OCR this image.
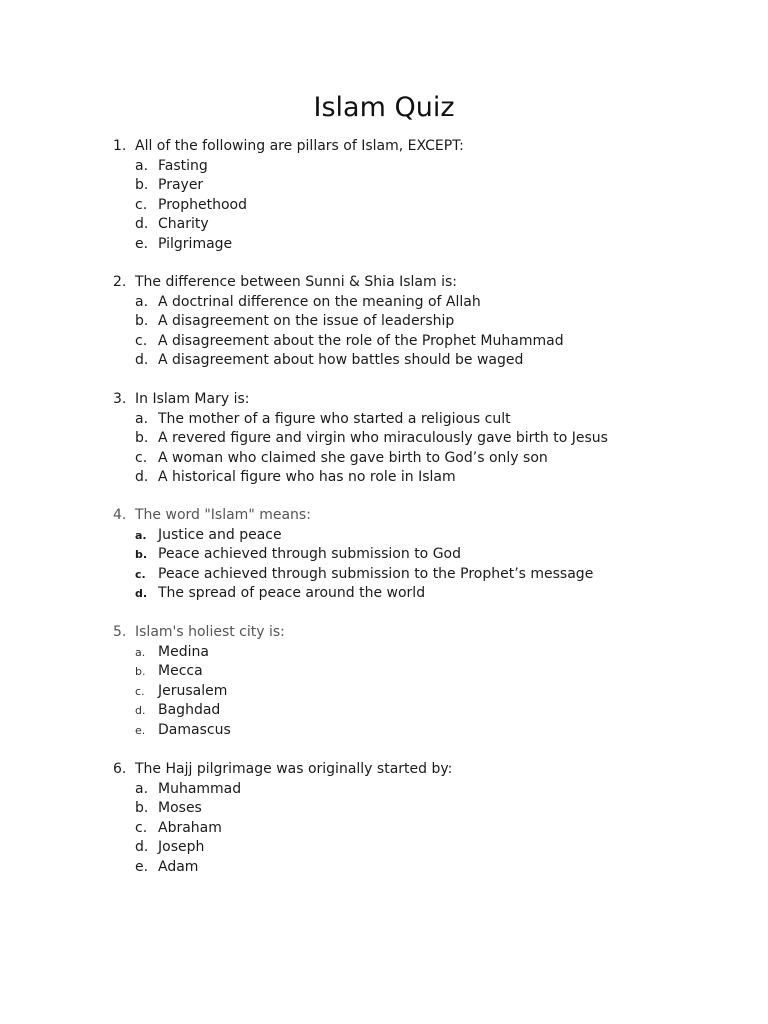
Islam Quiz
1. All of the following are pillars of Islam, EXCEPT:
a. Fasting
b. Prayer
c. Prophethood
d. Charity
e. Pilgrimage
2. The difference between Sunni & Shia Islam is:
a. A doctrinal difference on the meaning of Allah
b. A disagreement on the issue of leadership
c. A disagreement about the role of the Prophet Muhammad
d. A disagreement about how battles should be waged
3. In Islam Mary is:
a. The mother of a figure who started a religious cult
b. A revered figure and virgin who miraculously gave birth to Jesus
c. A woman who claimed she gave birth to God’s only son
d. A historical figure who has no role in Islam
4. The word "Islam" means:
a. Justice and peace
b. Peace achieved through submission to God
c. Peace achieved through submission to the Prophet’s message
d. The spread of peace around the world
5. Islam's holiest city is:
a. Medina
b. Mecca
c. Jerusalem
d. Baghdad
e. Damascus
6. The Hajj pilgrimage was originally started by:
a. Muhammad
b. Moses
c. Abraham
d. Joseph
e. Adam
